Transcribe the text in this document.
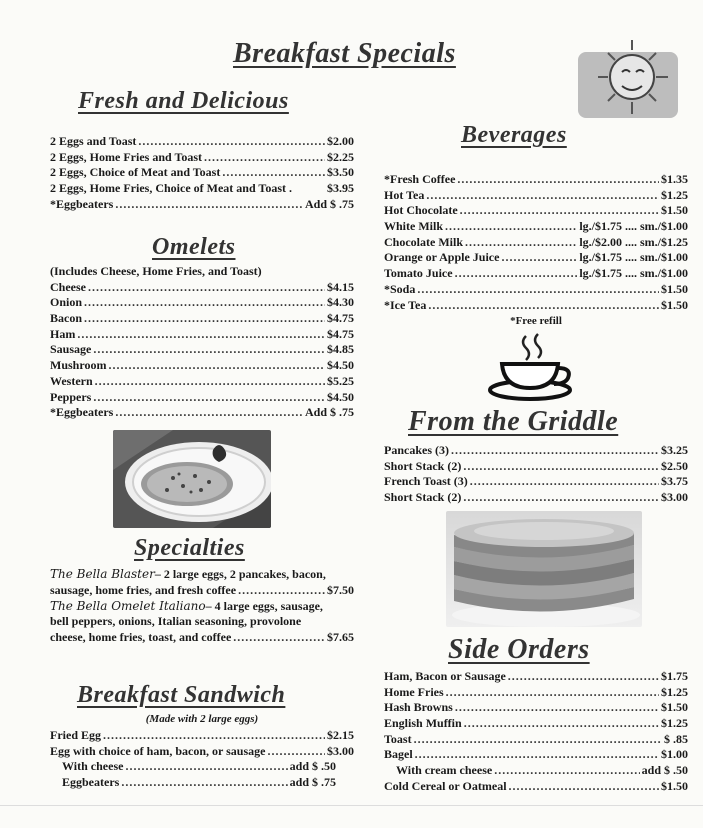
Breakfast Specials
Fresh and Delicious
2 Eggs and Toast .....	$2.00
2 Eggs, Home Fries and Toast .....	$2.25
2 Eggs, Choice of Meat and Toast .....	$3.50
2 Eggs, Home Fries, Choice of Meat and Toast .	$3.95
*Eggbeaters .....	Add $ .75
Omelets
(Includes Cheese, Home Fries, and Toast)
Cheese .....	$4.15
Onion .....	$4.30
Bacon .....	$4.75
Ham .....	$4.75
Sausage .....	$4.85
Mushroom .....	$4.50
Western .....	$5.25
Peppers .....	$4.50
*Eggbeaters .....	Add $ .75
Specialties
The Bella Blaster– 2 large eggs, 2 pancakes, bacon,
sausage, home fries, and fresh coffee .....	$7.50
The Bella Omelet Italiano– 4 large eggs, sausage,
bell peppers, onions, Italian seasoning, provolone
cheese, home fries, toast, and coffee .....	$7.65
Breakfast Sandwich
(Made with 2 large eggs)
Fried Egg .....	$2.15
Egg with choice of ham, bacon, or sausage .....	$3.00
With cheese .....	add $ .50
Eggbeaters .....	add $ .75
Beverages
*Fresh Coffee .....	$1.35
Hot Tea .....	$1.25
Hot Chocolate .....	$1.50
White Milk .....	lg./$1.75 .... sm./$1.00
Chocolate Milk .....	lg./$2.00 .... sm./$1.25
Orange or Apple Juice .....	lg./$1.75 .... sm./$1.00
Tomato Juice .....	lg./$1.75 .... sm./$1.00
*Soda .....	$1.50
*Ice Tea .....	$1.50
*Free refill
From the Griddle
Pancakes (3) .....	$3.25
Short Stack (2) .....	$2.50
French Toast (3) .....	$3.75
Short Stack (2) .....	$3.00
Side Orders
Ham, Bacon or Sausage .....	$1.75
Home Fries .....	$1.25
Hash Browns .....	$1.50
English Muffin .....	$1.25
Toast .....	$ .85
Bagel .....	$1.00
With cream cheese .....	add $ .50
Cold Cereal or Oatmeal .....	$1.50
